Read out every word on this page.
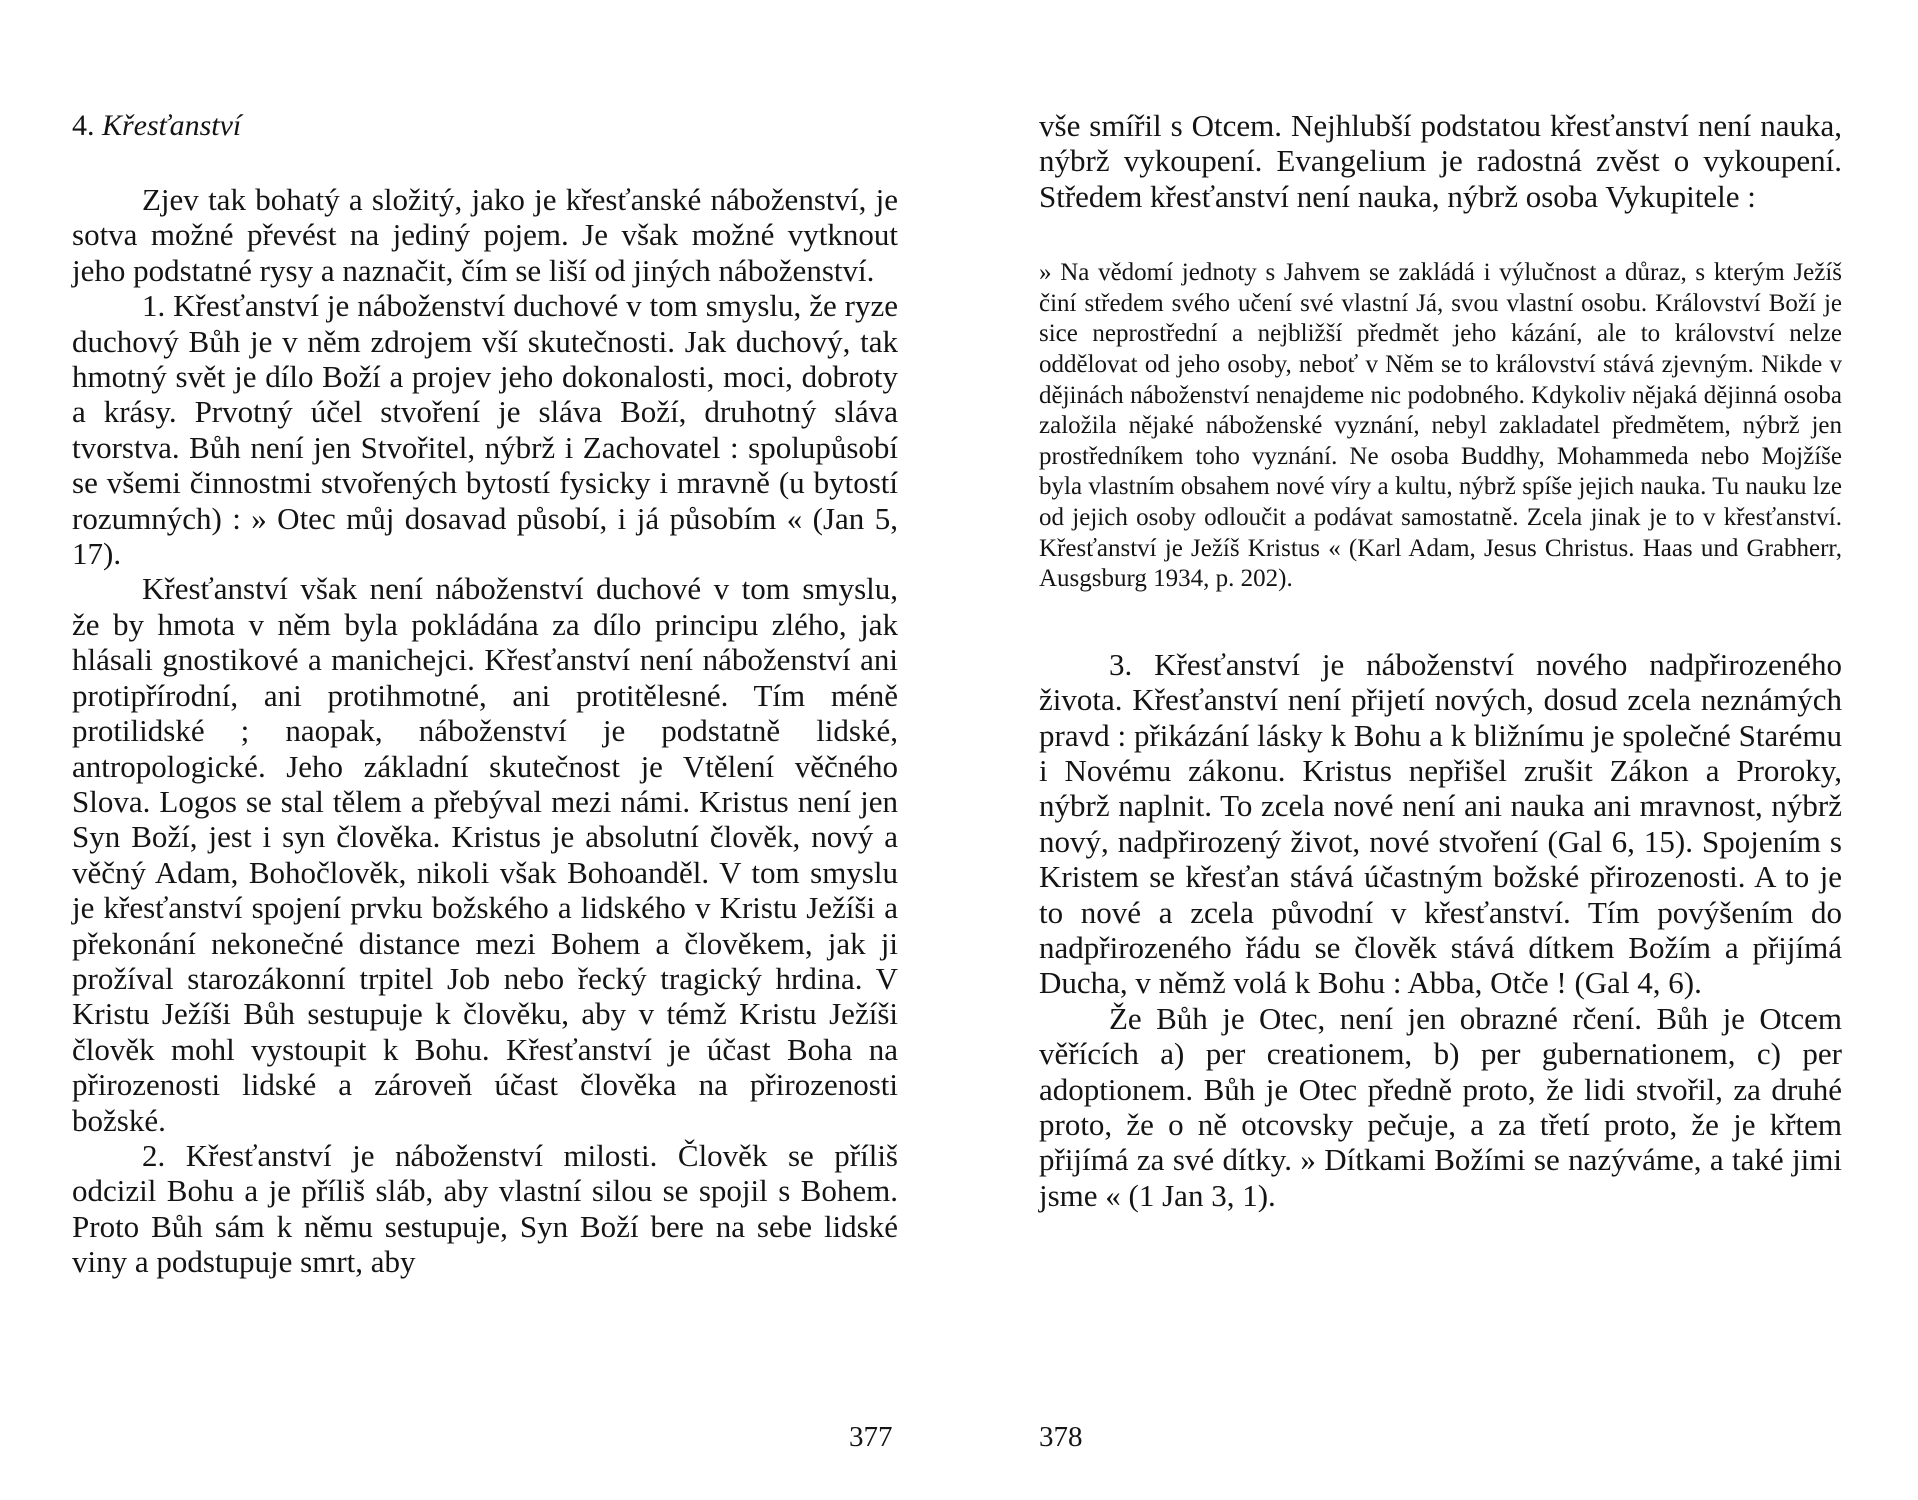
4. Křesťanství

Zjev tak bohatý a složitý, jako je křesťanské náboženství, je sotva možné převést na jediný pojem. Je však možné vytknout jeho podstatné rysy a naznačit, čím se liší od jiných náboženství.

1. Křesťanství je náboženství duchové v tom smyslu, že ryze duchový Bůh je v něm zdrojem vší skutečnosti. Jak duchový, tak hmotný svět je dílo Boží a projev jeho dokonalosti, moci, dobroty a krásy. Prvotný účel stvoření je sláva Boží, druhotný sláva tvorstva. Bůh není jen Stvořitel, nýbrž i Zachovatel : spolupůsobí se všemi činnostmi stvořených bytostí fysicky i mravně (u bytostí rozumných) : » Otec můj dosavad působí, i já působím « (Jan 5, 17).

Křesťanství však není náboženství duchové v tom smyslu, že by hmota v něm byla pokládána za dílo principu zlého, jak hlásali gnostikové a manichejci. Křesťanství není náboženství ani protipřírodní, ani protihmotné, ani protitělesné. Tím méně protilidské ; naopak, náboženství je podstatně lidské, antropologické. Jeho základní skutečnost je Vtělení věčného Slova. Logos se stal tělem a přebýval mezi námi. Kristus není jen Syn Boží, jest i syn člověka. Kristus je absolutní člověk, nový a věčný Adam, Bohočlověk, nikoli však Bohoanděl. V tom smyslu je křesťanství spojení prvku božského a lidského v Kristu Ježíši a překonání nekonečné distance mezi Bohem a člověkem, jak ji prožíval starozákonní trpitel Job nebo řecký tragický hrdina. V Kristu Ježíši Bůh sestupuje k člověku, aby v témž Kristu Ježíši člověk mohl vystoupit k Bohu. Křesťanství je účast Boha na přirozenosti lidské a zároveň účast člověka na přirozenosti božské.

2. Křesťanství je náboženství milosti. Člověk se příliš odcizil Bohu a je příliš sláb, aby vlastní silou se spojil s Bohem. Proto Bůh sám k němu sestupuje, Syn Boží bere na sebe lidské viny a podstupuje smrt, aby

377

vše smířil s Otcem. Nejhlubší podstatou křesťanství není nauka, nýbrž vykoupení. Evangelium je radostná zvěst o vykoupení. Středem křesťanství není nauka, nýbrž osoba Vykupitele :

» Na vědomí jednoty s Jahvem se zakládá i výlučnost a důraz, s kterým Ježíš činí středem svého učení své vlastní Já, svou vlastní osobu. Království Boží je sice neprostřední a nejbližší předmět jeho kázání, ale to království nelze oddělovat od jeho osoby, neboť v Něm se to království stává zjevným. Nikde v dějinách náboženství nenajdeme nic podobného. Kdykoliv nějaká dějinná osoba založila nějaké náboženské vyznání, nebyl zakladatel předmětem, nýbrž jen prostředníkem toho vyznání. Ne osoba Buddhy, Mohammeda nebo Mojžíše byla vlastním obsahem nové víry a kultu, nýbrž spíše jejich nauka. Tu nauku lze od jejich osoby odloučit a podávat samostatně. Zcela jinak je to v křesťanství. Křesťanství je Ježíš Kristus « (Karl Adam, Jesus Christus. Haas und Grabherr, Ausgsburg 1934, p. 202).

3. Křesťanství je náboženství nového nadpřirozeného života. Křesťanství není přijetí nových, dosud zcela neznámých pravd : přikázání lásky k Bohu a k bližnímu je společné Starému i Novému zákonu. Kristus nepřišel zrušit Zákon a Proroky, nýbrž naplnit. To zcela nové není ani nauka ani mravnost, nýbrž nový, nadpřirozený život, nové stvoření (Gal 6, 15). Spojením s Kristem se křesťan stává účastným božské přirozenosti. A to je to nové a zcela původní v křesťanství. Tím povýšením do nadpřirozeného řádu se člověk stává dítkem Božím a přijímá Ducha, v němž volá k Bohu : Abba, Otče ! (Gal 4, 6).

Že Bůh je Otec, není jen obrazné rčení. Bůh je Otcem věřících a) per creationem, b) per gubernationem, c) per adoptionem. Bůh je Otec předně proto, že lidi stvořil, za druhé proto, že o ně otcovsky pečuje, a za třetí proto, že je křtem přijímá za své dítky. » Dítkami Božími se nazýváme, a také jimi jsme « (1 Jan 3, 1).

378
